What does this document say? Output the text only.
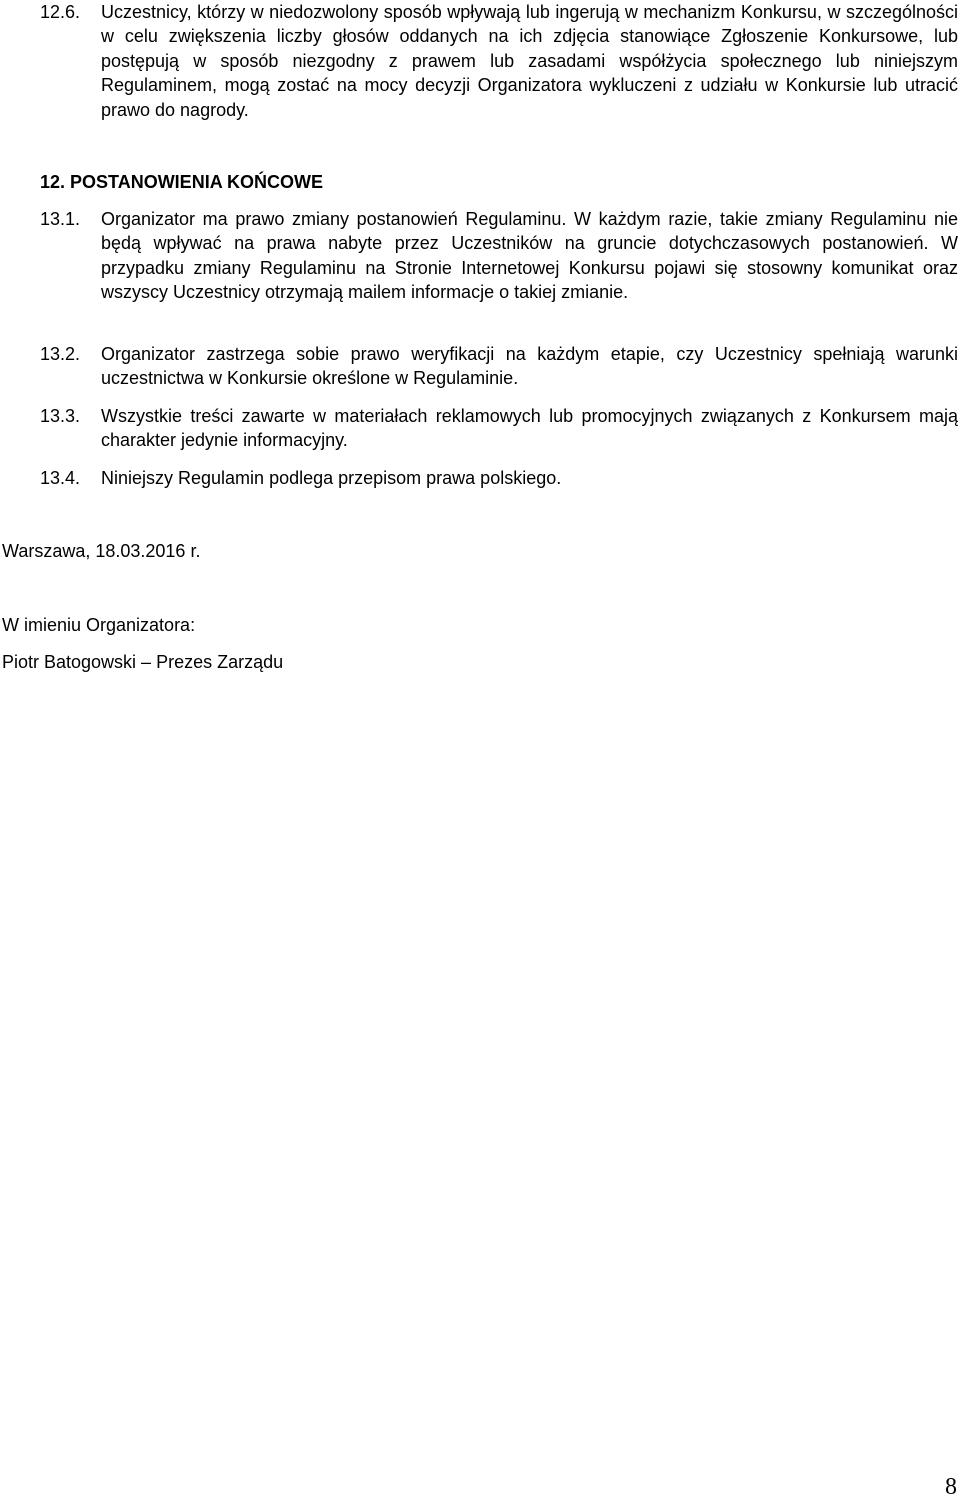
12.6.	Uczestnicy, którzy w niedozwolony sposób wpływają lub ingerują w mechanizm Konkursu, w szczególności w celu zwiększenia liczby głosów oddanych na ich zdjęcia stanowiące Zgłoszenie Konkursowe, lub postępują w sposób niezgodny z prawem lub zasadami współżycia społecznego lub niniejszym Regulaminem, mogą zostać na mocy decyzji Organizatora wykluczeni z udziału w Konkursie lub utracić prawo do nagrody.
12. POSTANOWIENIA KOŃCOWE
13.1.	Organizator ma prawo zmiany postanowień Regulaminu. W każdym razie, takie zmiany Regulaminu nie będą wpływać na prawa nabyte przez Uczestników na gruncie dotychczasowych postanowień. W przypadku zmiany Regulaminu na Stronie Internetowej Konkursu pojawi się stosowny komunikat oraz wszyscy Uczestnicy otrzymają mailem informacje o takiej zmianie.
13.2.	Organizator zastrzega sobie prawo weryfikacji na każdym etapie, czy Uczestnicy spełniają warunki uczestnictwa w Konkursie określone w Regulaminie.
13.3.	Wszystkie treści zawarte w materiałach reklamowych lub promocyjnych związanych z Konkursem mają charakter jedynie informacyjny.
13.4.	Niniejszy Regulamin podlega przepisom prawa polskiego.
Warszawa, 18.03.2016 r.
W imieniu Organizatora:
Piotr Batogowski – Prezes Zarządu
8
